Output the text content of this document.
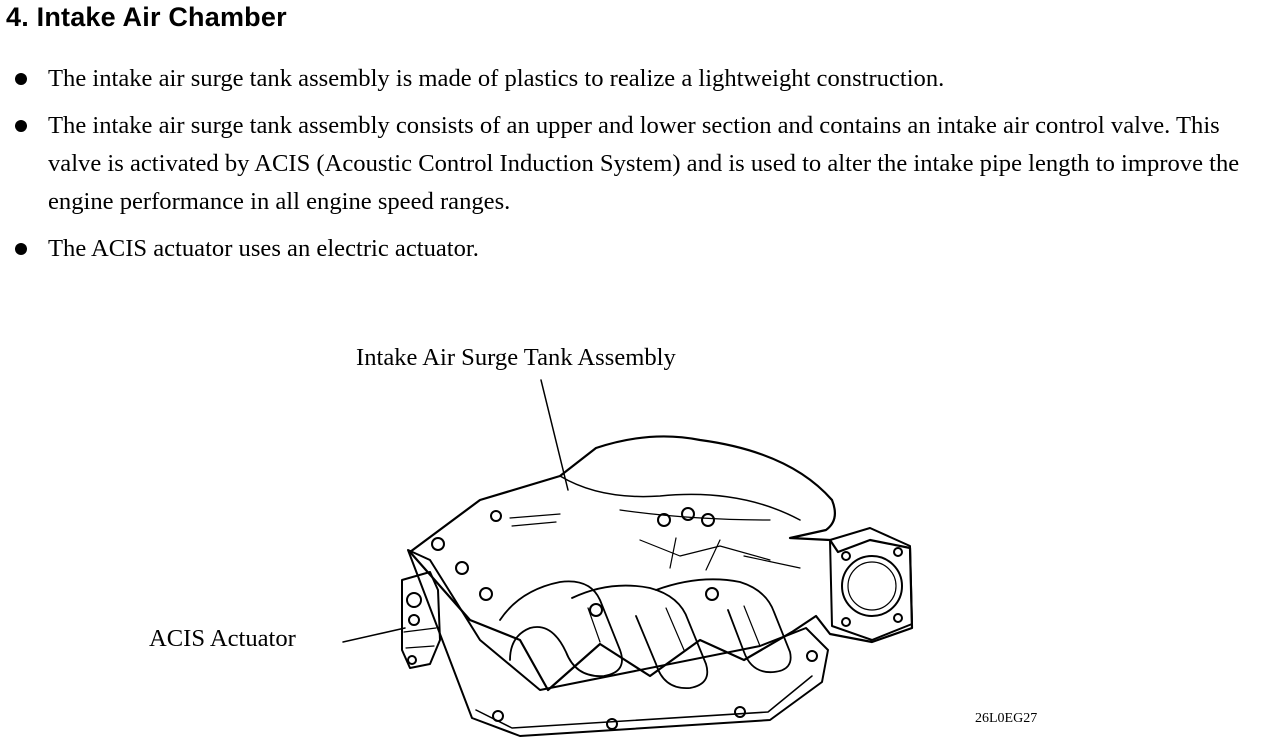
4. Intake Air Chamber
The intake air surge tank assembly is made of plastics to realize a lightweight construction.
The intake air surge tank assembly consists of an upper and lower section and contains an intake air control valve. This valve is activated by ACIS (Acoustic Control Induction System) and is used to alter the intake pipe length to improve the engine performance in all engine speed ranges.
The ACIS actuator uses an electric actuator.
Intake Air Surge Tank Assembly
ACIS Actuator
26L0EG27
